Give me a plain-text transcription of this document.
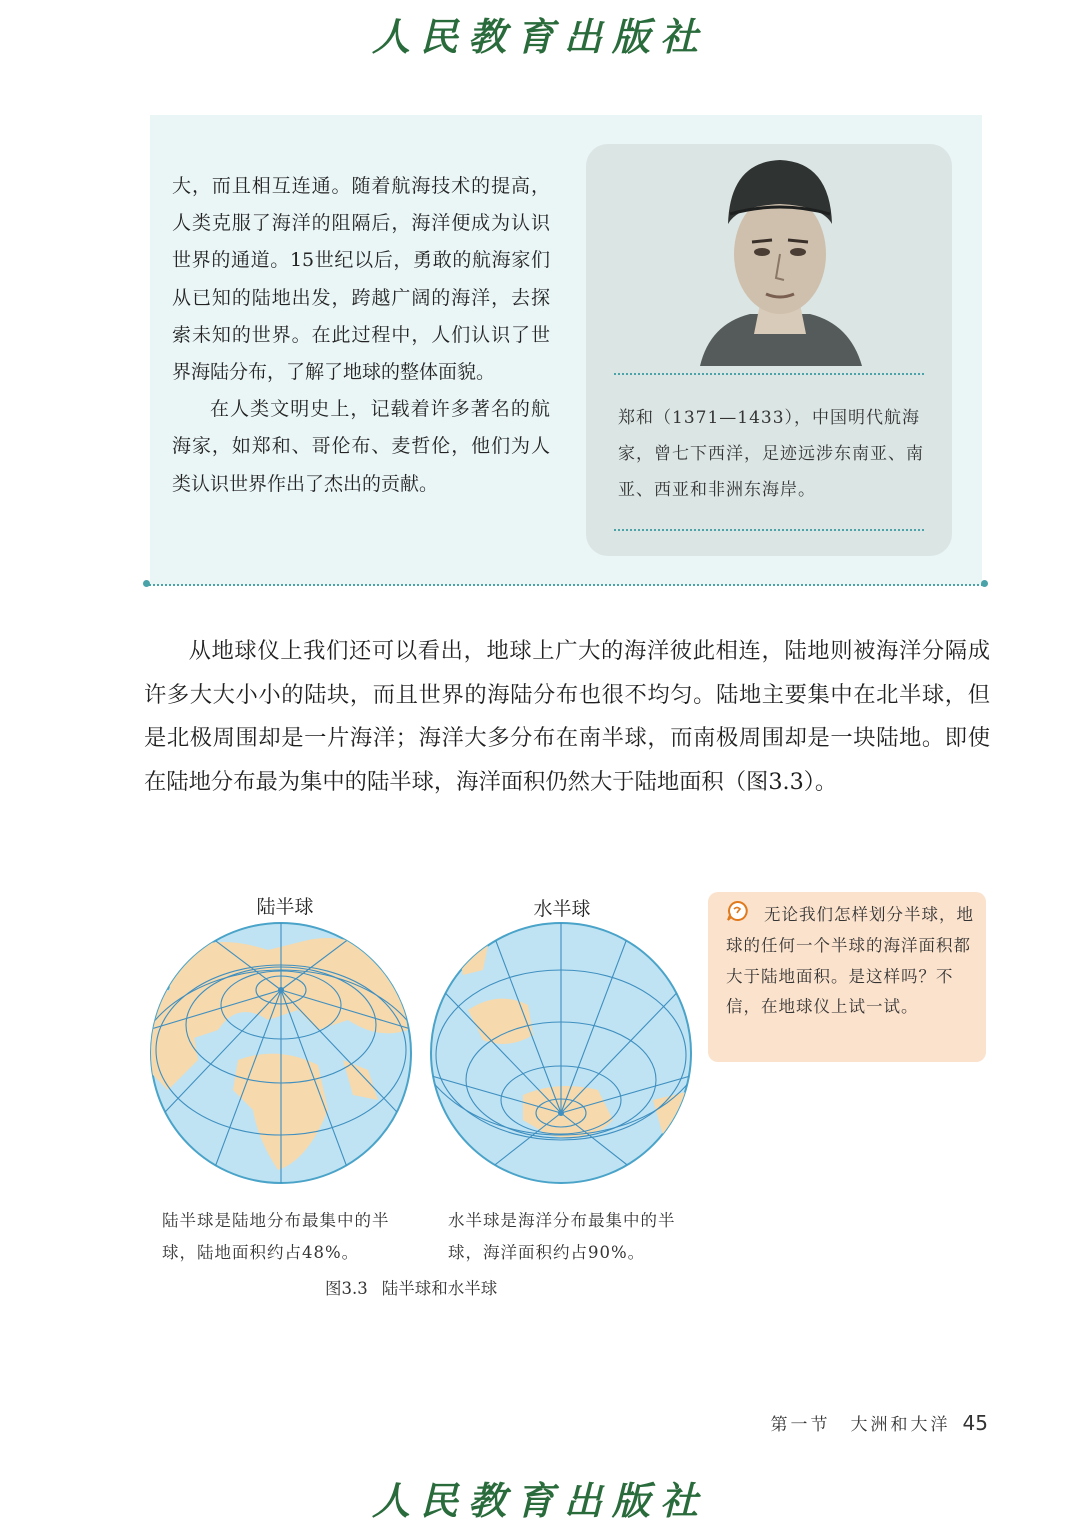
人民教育出版社

大，而且相互连通。随着航海技术的提高，人类克服了海洋的阻隔后，海洋便成为认识世界的通道。15世纪以后，勇敢的航海家们从已知的陆地出发，跨越广阔的海洋，去探索未知的世界。在此过程中，人们认识了世界海陆分布，了解了地球的整体面貌。

在人类文明史上，记载着许多著名的航海家，如郑和、哥伦布、麦哲伦，他们为人类认识世界作出了杰出的贡献。

郑和（1371—1433），中国明代航海家，曾七下西洋，足迹远涉东南亚、南亚、西亚和非洲东海岸。

从地球仪上我们还可以看出，地球上广大的海洋彼此相连，陆地则被海洋分隔成许多大大小小的陆块，而且世界的海陆分布也很不均匀。陆地主要集中在北半球，但是北极周围却是一片海洋；海洋大多分布在南半球，而南极周围却是一块陆地。即使在陆地分布最为集中的陆半球，海洋面积仍然大于陆地面积（图3.3）。

陆半球	水半球
陆半球是陆地分布最集中的半球，陆地面积约占48%。
水半球是海洋分布最集中的半球，海洋面积约占90%。
图3.3 陆半球和水半球
无论我们怎样划分半球，地球的任何一个半球的海洋面积都大于陆地面积。是这样吗？不信，在地球仪上试一试。
第一节　大洲和大洋 45
人民教育出版社
